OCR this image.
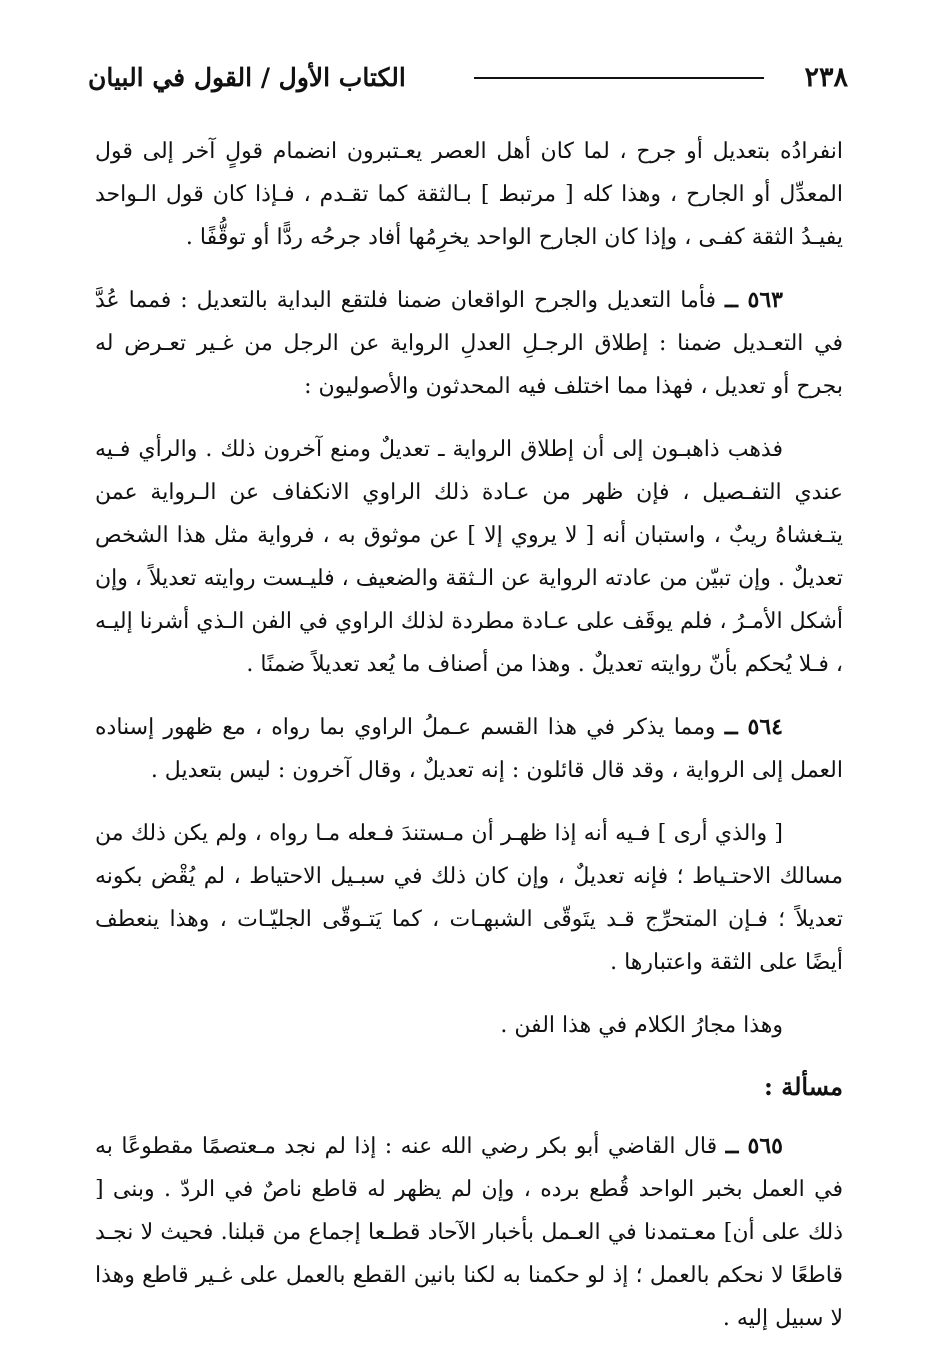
٢٣٨
الكتاب الأول / القول في البيان

انفرادُه بتعديل أو جرح ، لما كان أهل العصر يعـتبرون انضمام قولٍ آخر إلى قول المعدِّل أو الجارح ، وهذا كله [ مرتبط ] بـالثقة كما تقـدم ، فـإذا كان قول الـواحد يفيـدُ الثقة كفـى ، وإذا كان الجارح الواحد يخرِمُها أفاد جرحُه ردًّا أو توقُّفًا .

٥٦٣ ــ فأما التعديل والجرح الواقعان ضمنا فلتقع البداية بالتعديل : فمما عُدَّ في التعـديل ضمنا : إطلاق الرجـلِ العدلِ الرواية عن الرجل من غـير تعـرض له بجرح أو تعديل ، فهذا مما اختلف فيه المحدثون والأصوليون :

فذهب ذاهبـون إلى أن إطلاق الرواية ـ تعديلٌ ومنع آخرون ذلك . والرأي فـيه عندي التفـصيل ، فإن ظهر من عـادة ذلك الراوي الانكفاف عن الـرواية عمن يتـغشاهُ ريبٌ ، واستبان أنه [ لا يروي إلا ] عن موثوق به ، فرواية مثل هذا الشخص تعديلٌ . وإن تبيّن من عادته الرواية عن الـثقة والضعيف ، فليـست روايته تعديلاً ، وإن أشكل الأمـرُ ، فلم يوقَف على عـادة مطردة لذلك الراوي في الفن الـذي أشرنا إليـه ، فـلا يُحكم بأنّ روايته تعديلٌ . وهذا من أصناف ما يُعد تعديلاً ضمنًا .

٥٦٤ ــ ومما يذكر في هذا القسم عـملُ الراوي بما رواه ، مع ظهور إسناده العمل إلى الرواية ، وقد قال قائلون : إنه تعديلٌ ، وقال آخرون : ليس بتعديل .

[ والذي أرى ] فـيه أنه إذا ظهـر أن مـستندَ فـعله مـا رواه ، ولم يكن ذلك من مسالك الاحتـياط ؛ فإنه تعديلٌ ، وإن كان ذلك في سبـيل الاحتياط ، لم يُقْض بكونه تعديلاً ؛ فـإن المتحرِّج قـد يتَوقّى الشبهـات ، كما يَتـوقّى الجليّـات ، وهذا ينعطف أيضًا على الثقة واعتبارها .

وهذا مجارُ الكلام في هذا الفن .

مسألة :

٥٦٥ ــ قال القاضي أبو بكر رضي الله عنه : إذا لم نجد مـعتصمًا مقطوعًا به في العمل بخبر الواحد قُطع برده ، وإن لم يظهر له قاطع ناصٌ في الردّ . وبنى [ ذلك على أن] معـتمدنا في العـمل بأخبار الآحاد قطـعا إجماع من قبلنا. فحيث لا نجـد قاطعًا لا نحكم بالعمل ؛ إذ لو حكمنا به لكنا بانين القطع بالعمل على غـير قاطع وهذا لا سبيل إليه .
